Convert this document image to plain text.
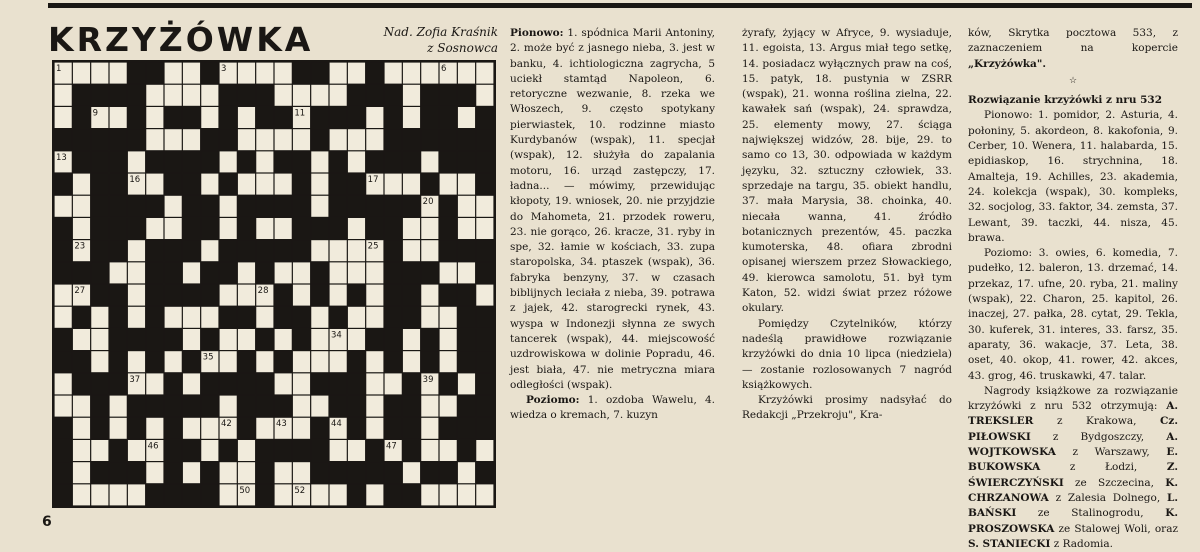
KRZYŻÓWKA	Nad. Zofia Kraśnik
z Sosnowca
1	3	6
9	11
13
16	17
20
23	25
27	28
34
35
37	39
42	43	44
46	47
50	52

Pionowo: 1. spódnica Marii Antoniny, 2. może być z jasnego nieba, 3. jest w banku, 4. ichtiologiczna zagrycha, 5 uciekł stamtąd Napoleon, 6. retoryczne wezwanie, 8. rzeka we Włoszech, 9. często spotykany pierwiastek, 10. rodzinne miasto Kurdybanów (wspak), 11. specjał (wspak), 12. służyła do zapalania motoru, 16. urząd zastępczy, 17. ładna... — mówimy, przewidując kłopoty, 19. wniosek, 20. nie przyjdzie do Mahometa, 21. przodek roweru, 23. nie gorąco, 26. kracze, 31. ryby in spe, 32. łamie w kościach, 33. zupa staropolska, 34. ptaszek (wspak), 36. fabryka benzyny, 37. w czasach biblijnych leciała z nieba, 39. potrawa z jajek, 42. starogrecki rynek, 43. wyspa w Indonezji słynna ze swych tancerek (wspak), 44. miejscowość uzdrowiskowa w dolinie Popradu, 46. jest biała, 47. nie metryczna miara odległości (wspak).

Poziomo: 1. ozdoba Wawelu, 4. wiedza o kremach, 7. kuzyn

żyrafy, żyjący w Afryce, 9. wysiaduje, 11. egoista, 13. Argus miał tego setkę, 14. posiadacz wyłącznych praw na coś, 15. patyk, 18. pustynia w ZSRR (wspak), 21. wonna roślina zielna, 22. kawałek sań (wspak), 24. sprawdza, 25. elementy mowy, 27. ściąga największej widzów, 28. bije, 29. to samo co 13, 30. odpowiada w każdym języku, 32. sztuczny człowiek, 33. sprzedaje na targu, 35. obiekt handlu, 37. mała Marysia, 38. choinka, 40. niecała wanna, 41. źródło botanicznych prezentów, 45. paczka kumoterska, 48. ofiara zbrodni opisanej wierszem przez Słowackiego, 49. kierowca samolotu, 51. był tym Katon, 52. widzi świat przez różowe okulary.

Pomiędzy Czytelników, którzy nadeślą prawidłowe rozwiązanie krzyżówki do dnia 10 lipca (niedziela) — zostanie rozlosowanych 7 nagród książkowych.

Krzyżówki prosimy nadsyłać do Redakcji „Przekroju", Kra-

ków, Skrytka pocztowa 533, z zaznaczeniem na kopercie „Krzyżówka".

☆

Rozwiązanie krzyżówki z nru 532

Pionowo: 1. pomidor, 2. Asturia, 4. połoniny, 5. akordeon, 8. kakofonia, 9. Cerber, 10. Wenera, 11. halabarda, 15. epidiaskop, 16. strychnina, 18. Amalteja, 19. Achilles, 23. akademia, 24. kolekcja (wspak), 30. kompleks, 32. socjolog, 33. faktor, 34. zemsta, 37. Lewant, 39. taczki, 44. nisza, 45. brawa.

Poziomo: 3. owies, 6. komedia, 7. pudełko, 12. baleron, 13. drzemać, 14. przekaz, 17. ufne, 20. ryba, 21. maliny (wspak), 22. Charon, 25. kapitol, 26. inaczej, 27. pałka, 28. cytat, 29. Tekla, 30. kuferek, 31. interes, 33. farsz, 35. aparaty, 36. wakacje, 37. Leta, 38. oset, 40. okop, 41. rower, 42. akces, 43. grog, 46. truskawki, 47. talar.

Nagrody książkowe za rozwiązanie krzyżówki z nru 532 otrzymują: A. TREKSLER z Krakowa, Cz. PIŁOWSKI z Bydgoszczy, A. WOJTKOWSKA z Warszawy, E. BUKOWSKA z Łodzi, Z. ŚWIERCZYŃSKI ze Szczecina, K. CHRZANOWA z Zalesia Dolnego, L. BAŃSKI ze Stalinogrodu, K. PROSZOWSKA ze Stalowej Woli, oraz S. STANIECKI z Radomia.

6
